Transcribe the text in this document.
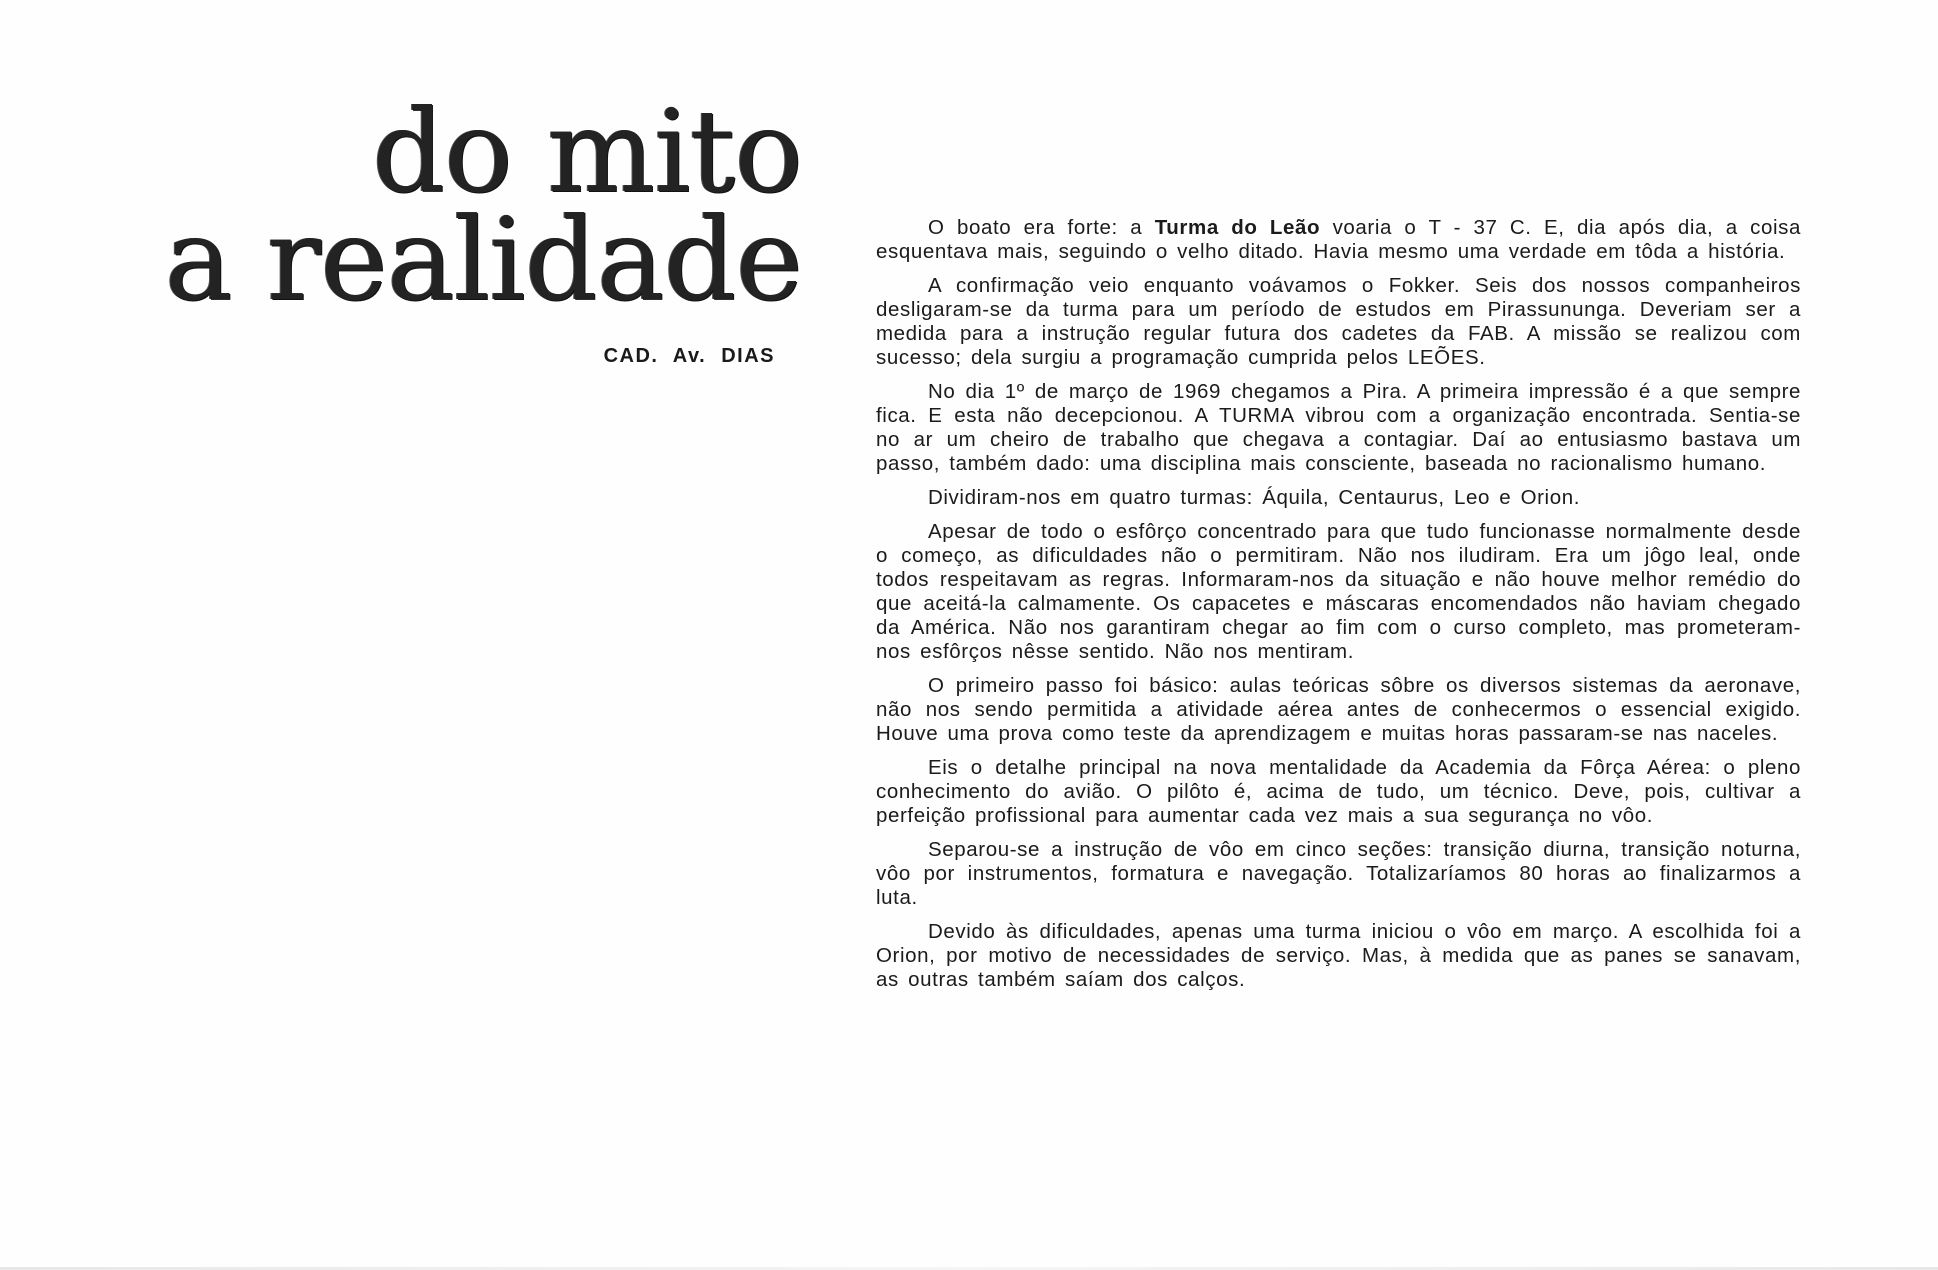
do mito
a realidade
CAD. Av. DIAS

O boato era forte: a Turma do Leão voaria o T - 37 C. E, dia após dia, a coisa esquentava mais, seguindo o velho ditado. Havia mesmo uma verdade em tôda a história.

A confirmação veio enquanto voávamos o Fokker. Seis dos nossos companheiros desligaram-se da turma para um período de estudos em Pirassununga. Deveriam ser a medida para a instrução regular futura dos cadetes da FAB. A missão se realizou com sucesso; dela surgiu a programação cumprida pelos LEÕES.

No dia 1º de março de 1969 chegamos a Pira. A primeira impressão é a que sempre fica. E esta não decepcionou. A TURMA vibrou com a organização encontrada. Sentia-se no ar um cheiro de trabalho que chegava a contagiar. Daí ao entusiasmo bastava um passo, também dado: uma disciplina mais consciente, baseada no racionalismo humano.

Dividiram-nos em quatro turmas: Áquila, Centaurus, Leo e Orion.

Apesar de todo o esfôrço concentrado para que tudo funcionasse normalmente desde o começo, as dificuldades não o permitiram. Não nos iludiram. Era um jôgo leal, onde todos respeitavam as regras. Informaram-nos da situação e não houve melhor remédio do que aceitá-la calmamente. Os capacetes e máscaras encomendados não haviam chegado da América. Não nos garantiram chegar ao fim com o curso completo, mas prometeram-nos esfôrços nêsse sentido. Não nos mentiram.

O primeiro passo foi básico: aulas teóricas sôbre os diversos sistemas da aeronave, não nos sendo permitida a atividade aérea antes de conhecermos o essencial exigido. Houve uma prova como teste da aprendizagem e muitas horas passaram-se nas naceles.

Eis o detalhe principal na nova mentalidade da Academia da Fôrça Aérea: o pleno conhecimento do avião. O pilôto é, acima de tudo, um técnico. Deve, pois, cultivar a perfeição profissional para aumentar cada vez mais a sua segurança no vôo.

Separou-se a instrução de vôo em cinco seções: transição diurna, transição noturna, vôo por instrumentos, formatura e navegação. Totalizaríamos 80 horas ao finalizarmos a luta.

Devido às dificuldades, apenas uma turma iniciou o vôo em março. A escolhida foi a Orion, por motivo de necessidades de serviço. Mas, à medida que as panes se sanavam, as outras também saíam dos calços.
